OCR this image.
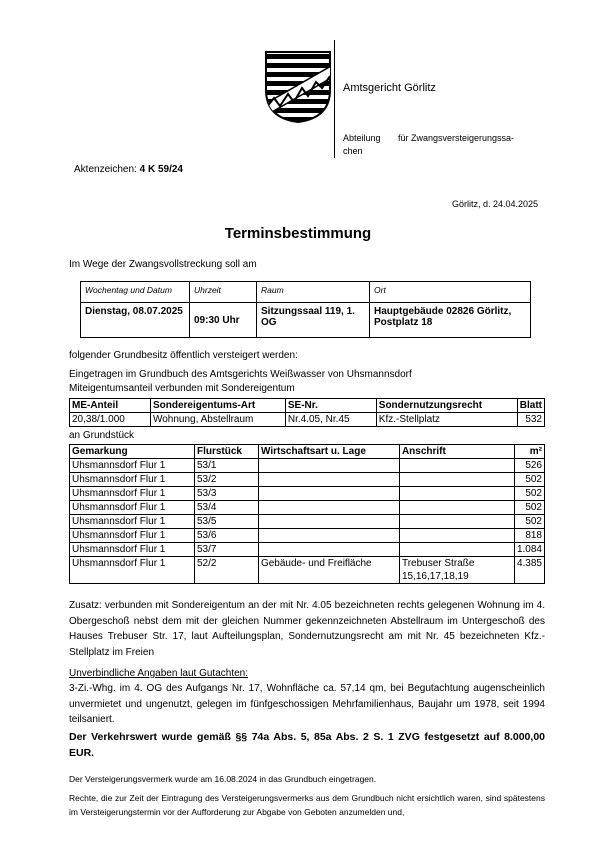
Amtsgericht Görlitz
Abteilung für Zwangsversteigerungssa-
chen
Aktenzeichen: 4 K 59/24
Görlitz, d. 24.04.2025
Terminsbestimmung
Im Wege der Zwangsvollstreckung soll am
Wochentag und Datum	Uhrzeit	Raum	Ort
Dienstag, 08.07.2025	09:30 Uhr	Sitzungssaal 119, 1. OG	Hauptgebäude 02826 Görlitz, Postplatz 18
folgender Grundbesitz öffentlich versteigert werden:
Eingetragen im Grundbuch des Amtsgerichts Weißwasser von Uhsmannsdorf
Miteigentumsanteil verbunden mit Sondereigentum
ME-Anteil	Sondereigentums-Art	SE-Nr.	Sondernutzungsrecht	Blatt
20,38/1.000	Wohnung, Abstellraum	Nr.4.05, Nr.45	Kfz.-Stellplatz	532
an Grundstück
Gemarkung	Flurstück	Wirtschaftsart u. Lage	Anschrift	m²
Uhsmannsdorf Flur 1	53/1			526
Uhsmannsdorf Flur 1	53/2			502
Uhsmannsdorf Flur 1	53/3			502
Uhsmannsdorf Flur 1	53/4			502
Uhsmannsdorf Flur 1	53/5			502
Uhsmannsdorf Flur 1	53/6			818
Uhsmannsdorf Flur 1	53/7			1.084
Uhsmannsdorf Flur 1	52/2	Gebäude- und Freifläche	Trebuser Straße 15,16,17,18,19	4.385

Zusatz: verbunden mit Sondereigentum an der mit Nr. 4.05 bezeichneten rechts gelegenen Wohnung im 4. Obergeschoß nebst dem mit der gleichen Nummer gekennzeichneten Abstellraum im Untergeschoß des Hauses Trebuser Str. 17, laut Aufteilungsplan, Sondernutzungsrecht am mit Nr. 45 bezeichneten Kfz.-Stellplatz im Freien

Unverbindliche Angaben laut Gutachten:

3-Zi.-Whg. im 4. OG des Aufgangs Nr. 17, Wohnfläche ca. 57,14 qm, bei Begutachtung augenscheinlich unvermietet und ungenutzt, gelegen im fünfgeschossigen Mehrfamilienhaus, Baujahr um 1978, seit 1994 teilsaniert.

Der Verkehrswert wurde gemäß §§ 74a Abs. 5, 85a Abs. 2 S. 1 ZVG festgesetzt auf 8.000,00 EUR.

Der Versteigerungsvermerk wurde am 16.08.2024 in das Grundbuch eingetragen.

Rechte, die zur Zeit der Eintragung des Versteigerungsvermerks aus dem Grundbuch nicht ersichtlich waren, sind spätestens im Versteigerungstermin vor der Aufforderung zur Abgabe von Geboten anzumelden und,
